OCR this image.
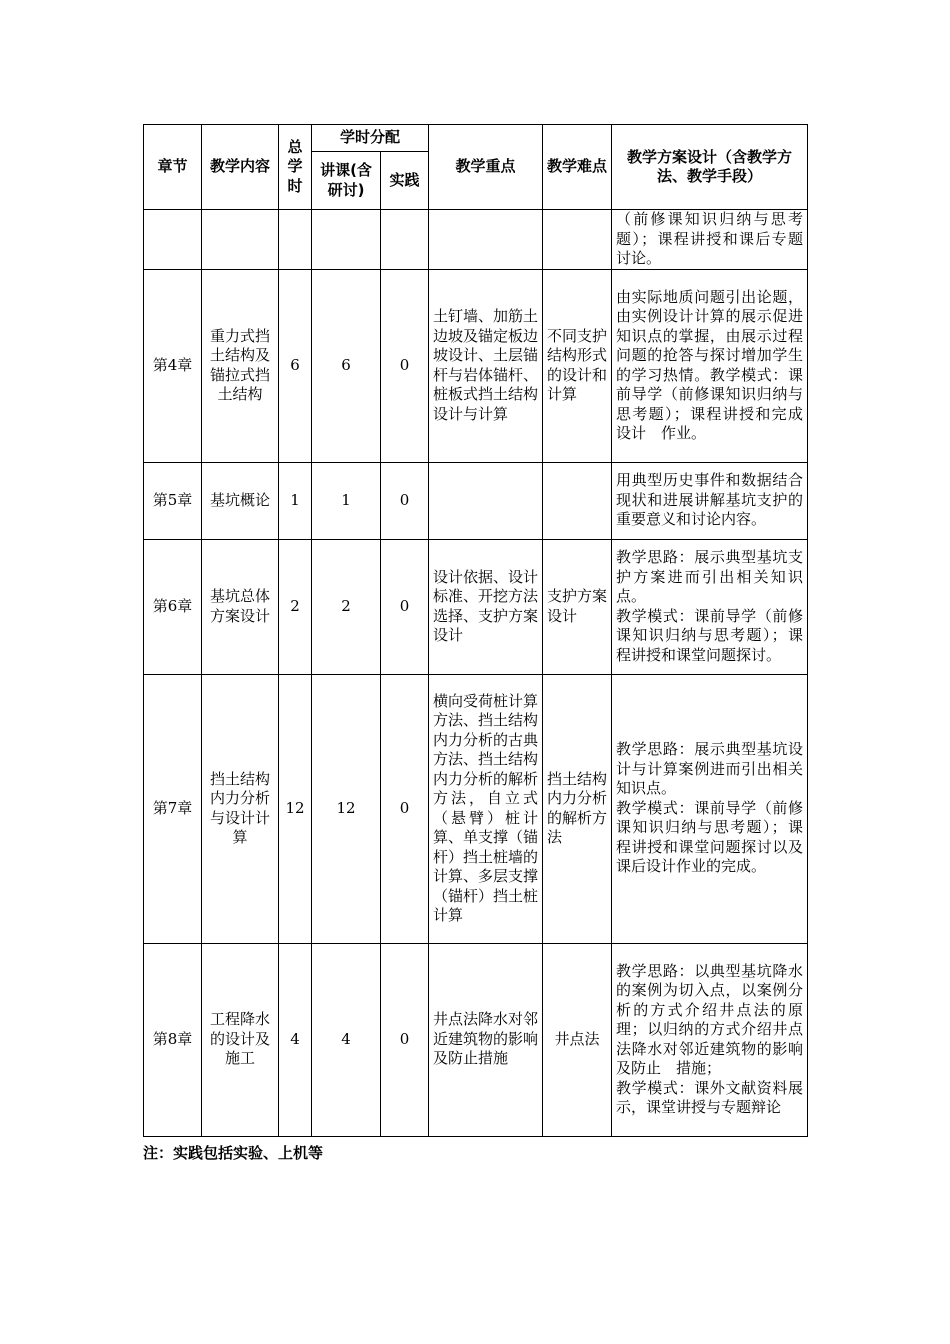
章节	教学内容	总学时	学时分配		教学重点	教学难点	教学方案设计（含教学方法、教学手段）
			讲课(含研讨)	实践			
							（前修课知识归纳与思考题）；课程讲授和课后专题讨论。
第4章	重力式挡土结构及锚拉式挡土结构	6	6	0	土钉墙、加筋土边坡及锚定板边坡设计、土层锚杆与岩体锚杆、桩板式挡土结构设计与计算	不同支护结构形式的设计和计算	由实际地质问题引出论题，由实例设计计算的展示促进知识点的掌握，由展示过程问题的抢答与探讨增加学生的学习热情。教学模式：课前导学（前修课知识归纳与思考题）；课程讲授和完成设计　作业。
第5章	基坑概论	1	1	0			用典型历史事件和数据结合现状和进展讲解基坑支护的重要意义和讨论内容。
第6章	基坑总体方案设计	2	2	0	设计依据、设计标准、开挖方法选择、支护方案设计	支护方案设计	教学思路：展示典型基坑支护方案进而引出相关知识点。
教学模式：课前导学（前修课知识归纳与思考题）；课程讲授和课堂问题探讨。
第7章	挡土结构内力分析与设计计算	12	12	0	横向受荷桩计算方法、挡土结构内力分析的古典方法、挡土结构内力分析的解析方法，自立式（悬臂）桩计算、单支撑（锚杆）挡土桩墙的计算、多层支撑（锚杆）挡土桩计算	挡土结构内力分析的解析方法	教学思路：展示典型基坑设计与计算案例进而引出相关知识点。
教学模式：课前导学（前修课知识归纳与思考题）；课程讲授和课堂问题探讨以及课后设计作业的完成。
第8章	工程降水的设计及施工	4	4	0	井点法降水对邻近建筑物的影响及防止措施	井点法	教学思路：以典型基坑降水的案例为切入点，以案例分析的方式介绍井点法的原理；以归纳的方式介绍井点法降水对邻近建筑物的影响及防止　措施；
教学模式：课外文献资料展示，课堂讲授与专题辩论
注：实践包括实验、上机等
